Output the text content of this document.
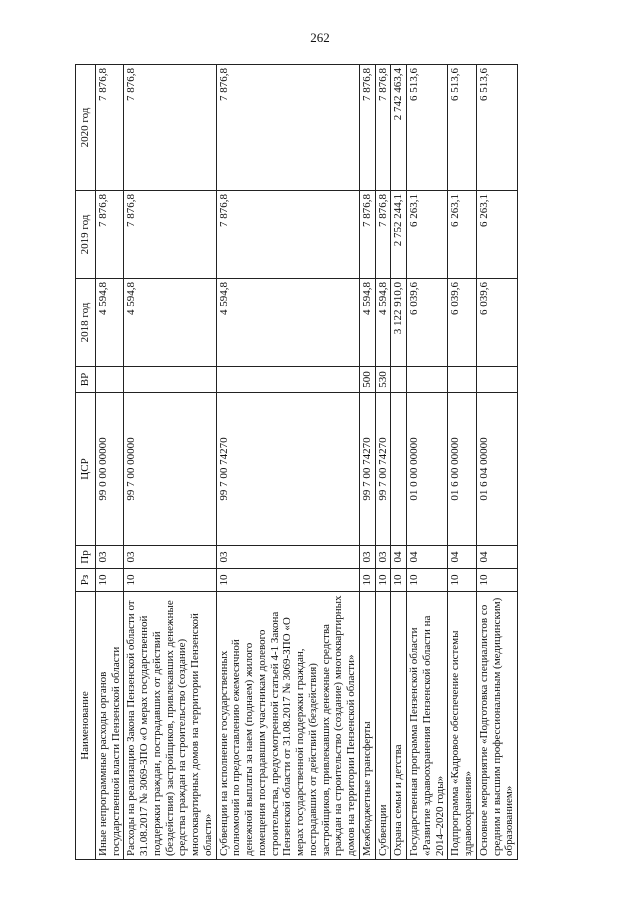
262
Наименование	Рз	Пр	ЦСР	ВР	2018 год	2019 год	2020 год
Иные непрограммные расходы органов государственной власти Пензенской области	10	03	99 0 00 00000		4 594,8	7 876,8	7 876,8
Расходы на реализацию Закона Пензенской области от 31.08.2017 № 3069-ЗПО «О мерах государственной поддержки граждан, пострадавших от действий (бездействия) застройщиков, привлекавших денежные средства граждан на строительство (создание) многоквартирных домов на территории Пензенской области»	10	03	99 7 00 00000		4 594,8	7 876,8	7 876,8
Субвенции на исполнение государственных полномочий по предоставлению ежемесячной денежной выплаты за наем (поднаем) жилого помещения пострадавшим участникам долевого строительства, предусмотренной статьей 4-1 Закона Пензенской области от 31.08.2017 № 3069-ЗПО «О мерах государственной поддержки граждан, пострадавших от действий (бездействия) застройщиков, привлекавших денежные средства граждан на строительство (создание) многоквартирных домов на территории Пензенской области»	10	03	99 7 00 74270		4 594,8	7 876,8	7 876,8
Межбюджетные трансферты	10	03	99 7 00 74270	500	4 594,8	7 876,8	7 876,8
Субвенции	10	03	99 7 00 74270	530	4 594,8	7 876,8	7 876,8
Охрана семьи и детства	10	04			3 122 910,0	2 752 244,1	2 742 463,4
Государственная программа Пензенской области «Развитие здравоохранения Пензенской области на 2014–2020 годы»	10	04	01 0 00 00000		6 039,6	6 263,1	6 513,6
Подпрограмма «Кадровое обеспечение системы здравоохранения»	10	04	01 6 00 00000		6 039,6	6 263,1	6 513,6
Основное мероприятие «Подготовка специалистов со средним и высшим профессиональным (медицинским) образованием»	10	04	01 6 04 00000		6 039,6	6 263,1	6 513,6
